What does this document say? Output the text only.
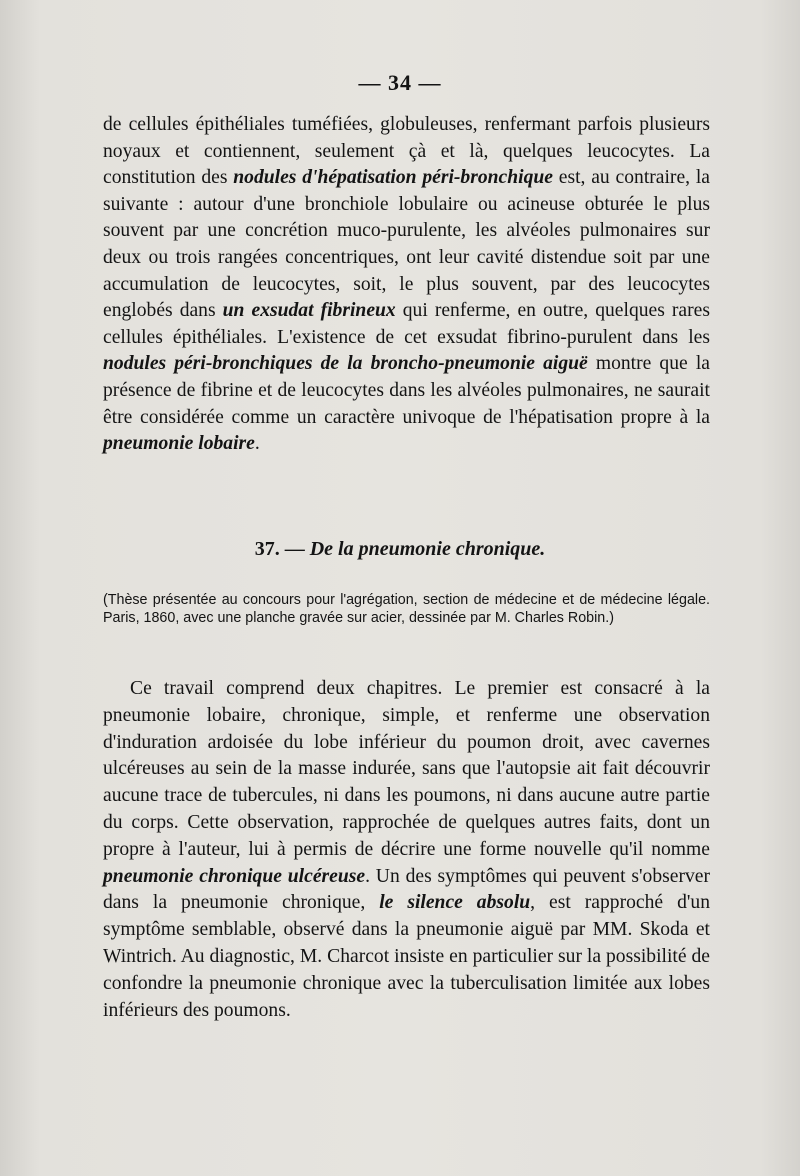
— 34 —

de cellules épithéliales tuméfiées, globuleuses, renfermant parfois plusieurs noyaux et contiennent, seulement çà et là, quelques leucocytes. La constitution des nodules d'hépatisation péri-bronchique est, au contraire, la suivante : autour d'une bronchiole lobulaire ou acineuse obturée le plus souvent par une concrétion muco-purulente, les alvéoles pulmonaires sur deux ou trois rangées concentriques, ont leur cavité distendue soit par une accumulation de leucocytes, soit, le plus souvent, par des leucocytes englobés dans un exsudat fibrineux qui renferme, en outre, quelques rares cellules épithéliales. L'existence de cet exsudat fibrino-purulent dans les nodules péri-bronchiques de la broncho-pneumonie aiguë montre que la présence de fibrine et de leucocytes dans les alvéoles pulmonaires, ne saurait être considérée comme un caractère univoque de l'hépatisation propre à la pneumonie lobaire.

37. — De la pneumonie chronique.

(Thèse présentée au concours pour l'agrégation, section de médecine et de médecine légale. Paris, 1860, avec une planche gravée sur acier, dessinée par M. Charles Robin.)

Ce travail comprend deux chapitres. Le premier est consacré à la pneumonie lobaire, chronique, simple, et renferme une observation d'induration ardoisée du lobe inférieur du poumon droit, avec cavernes ulcéreuses au sein de la masse indurée, sans que l'autopsie ait fait découvrir aucune trace de tubercules, ni dans les poumons, ni dans aucune autre partie du corps. Cette observation, rapprochée de quelques autres faits, dont un propre à l'auteur, lui à permis de décrire une forme nouvelle qu'il nomme pneumonie chronique ulcéreuse. Un des symptômes qui peuvent s'observer dans la pneumonie chronique, le silence absolu, est rapproché d'un symptôme semblable, observé dans la pneumonie aiguë par MM. Skoda et Wintrich. Au diagnostic, M. Charcot insiste en particulier sur la possibilité de confondre la pneumonie chronique avec la tuberculisation limitée aux lobes inférieurs des poumons.
